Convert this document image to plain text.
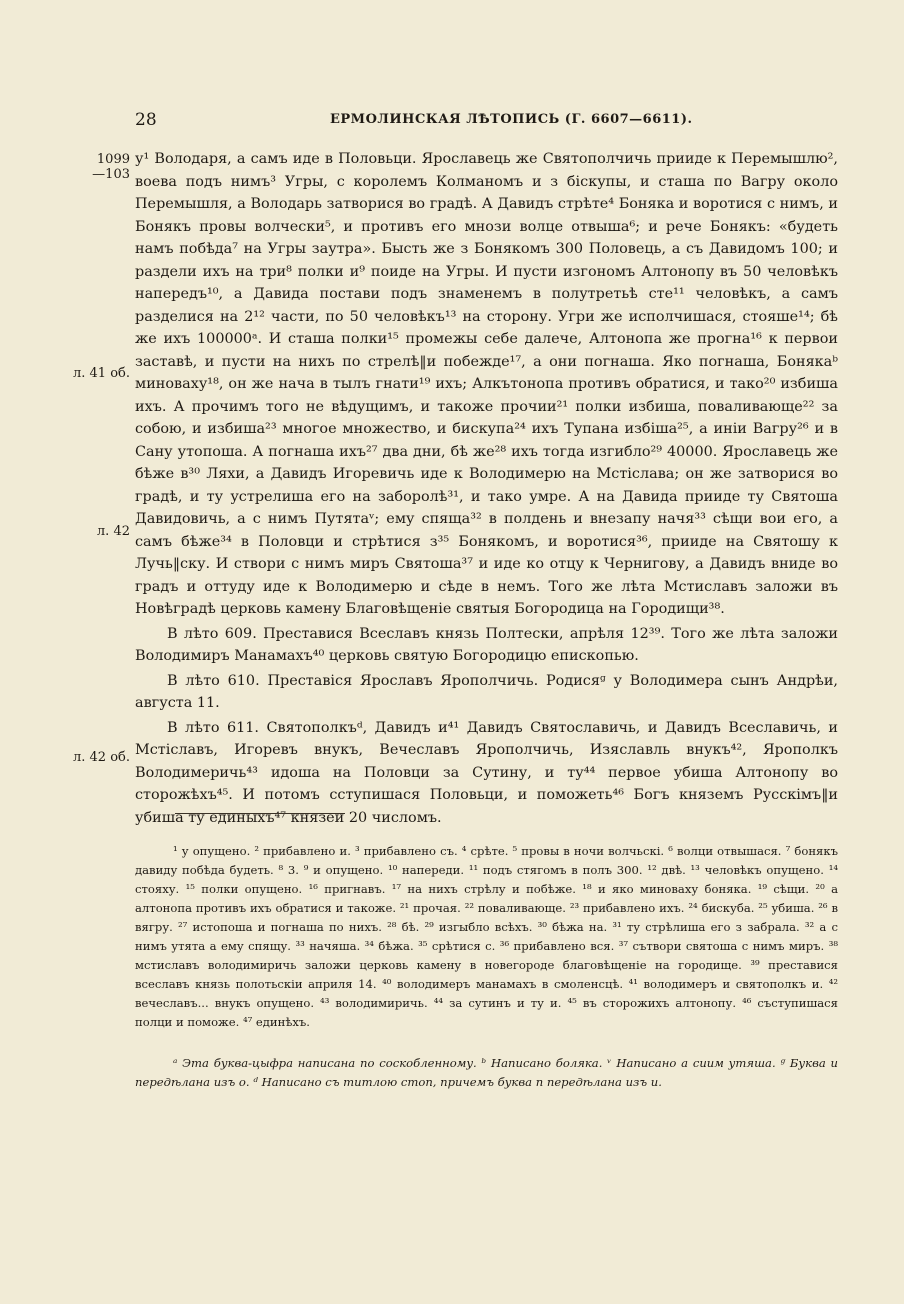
28	ЕРМОЛИНСКАЯ ЛѢТОПИСЬ (Г. 6607—6611).
1099
—103
л. 41 об.
л. 42
л. 42 об.

у¹ Володаря, а самъ иде в Половьци. Ярославець же Святополчичь прииде к Перемышлю², воева подъ нимъ³ Угры, с королемъ Колманомъ и з біскупы, и сташа по Вагру около Перемышля, а Володарь затворися во градѣ. А Давидъ стрѣте⁴ Боняка и воротися с нимъ, и Бонякъ провы волчески⁵, и противъ его мнози волце отвыша⁶; и рече Бонякъ: «будеть намъ побѣда⁷ на Угры заутра». Бысть же з Бонякомъ 300 Половець, а съ Давидомъ 100; и раздели ихъ на три⁸ полки и⁹ поиде на Угры. И пусти изгономъ Алтонопу въ 50 человѣкъ напередъ¹⁰, а Давида постави подъ знаменемъ в полутретьѣ сте¹¹ человѣкъ, а самъ разделися на 2¹² части, по 50 человѣкъ¹³ на сторону. Угри же исполчишася, стояше¹⁴; бѣ же ихъ 100000ᵃ. И сташа полки¹⁵ промежы себе далече, Алтонопа же прогна¹⁶ к первои заставѣ, и пусти на нихъ по стрелѣ‖и побежде¹⁷, а они погнаша. Яко погнаша, Бонякаᵇ миноваху¹⁸, он же нача в тылъ гнати¹⁹ ихъ; Алкътонопа противъ обратися, и тако²⁰ избиша ихъ. А прочимъ того не вѣдущимъ, и такоже прочии²¹ полки избиша, поваливающе²² за собою, и избиша²³ многое множество, и бискупа²⁴ ихъ Тупана избіша²⁵, а иніи Вагру²⁶ и в Сану утопоша. А погнаша ихъ²⁷ два дни, бѣ же²⁸ ихъ тогда изгибло²⁹ 40000. Ярославець же бѣже в³⁰ Ляхи, а Давидъ Игоревичь иде к Володимерю на Мстіслава; он же затворися во градѣ, и ту устрелиша его на заборолѣ³¹, и тако умре. А на Давида прииде ту Святоша Давидовичь, а с нимъ Путятаᵛ; ему спяща³² в полдень и внезапу начя³³ сѣщи вои его, а самъ бѣже³⁴ в Половци и стрѣтися з³⁵ Бонякомъ, и воротися³⁶, прииде на Святошу к Лучь‖ску. И створи с нимъ миръ Святоша³⁷ и иде ко отцу к Чернигову, а Давидъ вниде во градъ и оттуду иде к Володимерю и сѣде в немъ. Того же лѣта Мстиславъ заложи въ Новѣградѣ церковь камену Благовѣщеніе святыя Богородица на Городищи³⁸.

В лѣто 609. Преставися Всеславъ князь Полтески, апрѣля 12³⁹. Того же лѣта заложи Володимиръ Манамахъ⁴⁰ церковь святую Богородицю епископью.

В лѣто 610. Преставіся Ярославъ Ярополчичь. Родисяᵍ у Володимера сынъ Андрѣи, августа 11.

В лѣто 611. Святополкъᵈ, Давидъ и⁴¹ Давидъ Святославичь, и Давидъ Всеславичь, и Мстіславъ, Игоревъ внукъ, Вечеславъ Ярополчичь, Изяславль внукъ⁴², Ярополкъ Володимеричь⁴³ идоша на Половци за Сутину, и ту⁴⁴ первое убиша Алтонопу во сторожѣхъ⁴⁵. И потомъ сступишася Половьци, и поможеть⁴⁶ Богъ княземъ Русскімъ‖и убиша ту единыхъ⁴⁷ князеи 20 числомъ.

¹ у опущено. ² прибавлено и. ³ прибавлено съ. ⁴ срѣте. ⁵ провы в ночи волчьскі. ⁶ волци отвышася. ⁷ бонякъ давиду побѣда будеть. ⁸ 3. ⁹ и опущено. ¹⁰ напереди. ¹¹ подъ стягомъ в полъ 300. ¹² двѣ. ¹³ человѣкъ опущено. ¹⁴ стояху. ¹⁵ полки опущено. ¹⁶ пригнавъ. ¹⁷ на нихъ стрѣлу и побѣже. ¹⁸ и яко миноваху боняка. ¹⁹ сѣщи. ²⁰ а алтонопа противъ ихъ обратися и такоже. ²¹ прочая. ²² поваливающе. ²³ прибавлено ихъ. ²⁴ бискуба. ²⁵ убиша. ²⁶ в вягру. ²⁷ истопоша и погнаша по нихъ. ²⁸ бѣ. ²⁹ изгыбло всѣхъ. ³⁰ бѣжа на. ³¹ ту стрѣлиша его з забрала. ³² а с нимъ утята а ему спящу. ³³ начяша. ³⁴ бѣжа. ³⁵ срѣтися с. ³⁶ прибавлено вся. ³⁷ сътвори святоша с нимъ миръ. ³⁸ мстиславъ володимиричь заложи церковь камену в новегороде благовѣщеніе на городище. ³⁹ преставися всеславъ князь полотьскіи априля 14. ⁴⁰ володимеръ манамахъ в смоленсцѣ. ⁴¹ володимеръ и святополкъ и. ⁴² вечеславъ... внукъ опущено. ⁴³ володимиричь. ⁴⁴ за сутинъ и ту и. ⁴⁵ въ сторожихъ алтонопу. ⁴⁶ съступишася полци и поможе. ⁴⁷ единѣхъ.

ᵃ Эта буква-цыфра написана по соскобленному. ᵇ Написано боляка. ᵛ Написано а сиим утяша. ᵍ Буква и передѣлана изъ о. ᵈ Написано съ титлою стоп, причемъ буква п передѣлана изъ и.
